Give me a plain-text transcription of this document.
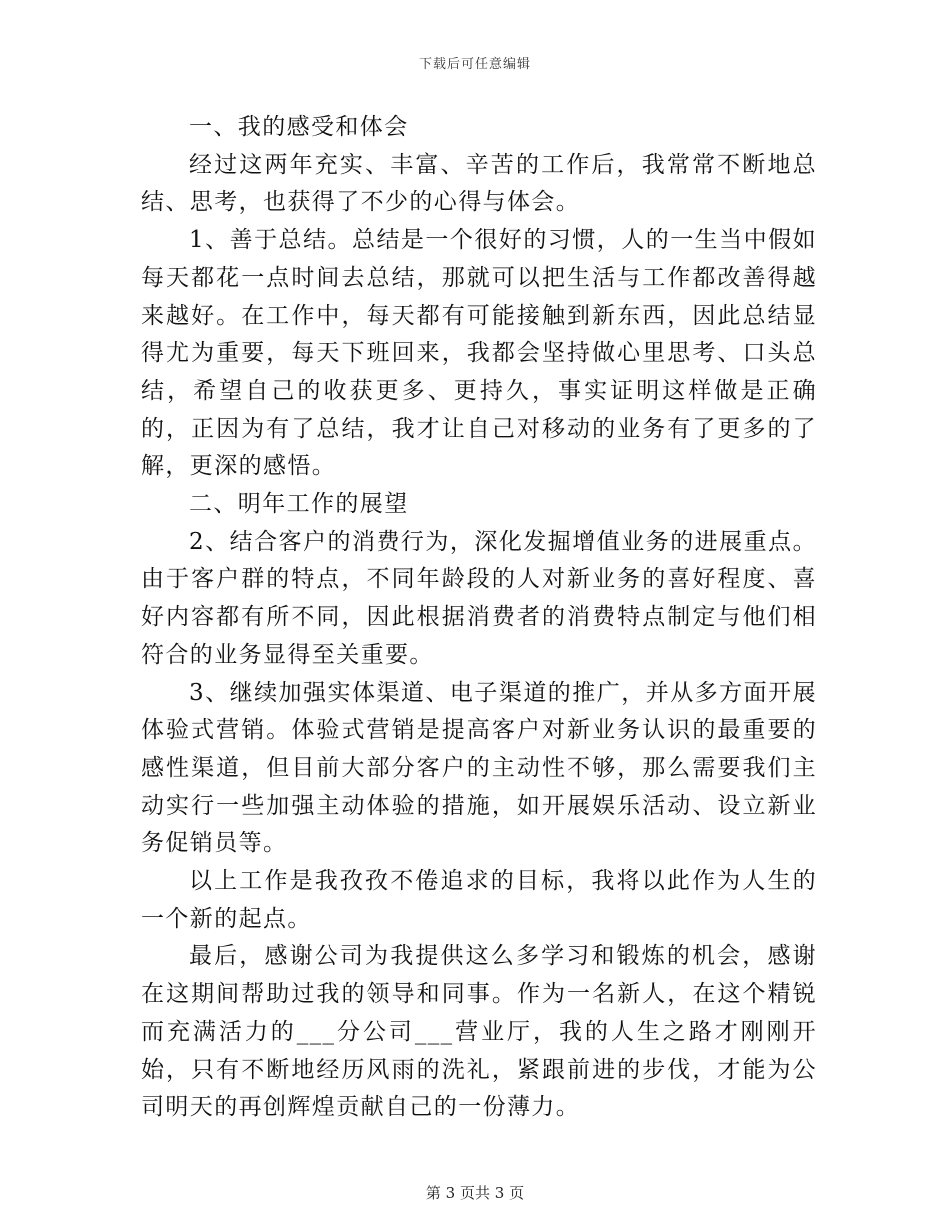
下载后可任意编辑

一、我的感受和体会

经过这两年充实、丰富、辛苦的工作后，我常常不断地总结、思考，也获得了不少的心得与体会。

1、善于总结。总结是一个很好的习惯，人的一生当中假如每天都花一点时间去总结，那就可以把生活与工作都改善得越来越好。在工作中，每天都有可能接触到新东西，因此总结显得尤为重要，每天下班回来，我都会坚持做心里思考、口头总结，希望自己的收获更多、更持久，事实证明这样做是正确的，正因为有了总结，我才让自己对移动的业务有了更多的了解，更深的感悟。

二、明年工作的展望

2、结合客户的消费行为，深化发掘增值业务的进展重点。由于客户群的特点，不同年龄段的人对新业务的喜好程度、喜好内容都有所不同，因此根据消费者的消费特点制定与他们相符合的业务显得至关重要。

3、继续加强实体渠道、电子渠道的推广，并从多方面开展体验式营销。体验式营销是提高客户对新业务认识的最重要的感性渠道，但目前大部分客户的主动性不够，那么需要我们主动实行一些加强主动体验的措施，如开展娱乐活动、设立新业务促销员等。

以上工作是我孜孜不倦追求的目标，我将以此作为人生的一个新的起点。

最后，感谢公司为我提供这么多学习和锻炼的机会，感谢在这期间帮助过我的领导和同事。作为一名新人，在这个精锐而充满活力的___分公司___营业厅，我的人生之路才刚刚开始，只有不断地经历风雨的洗礼，紧跟前进的步伐，才能为公司明天的再创辉煌贡献自己的一份薄力。

第 3 页共 3 页
